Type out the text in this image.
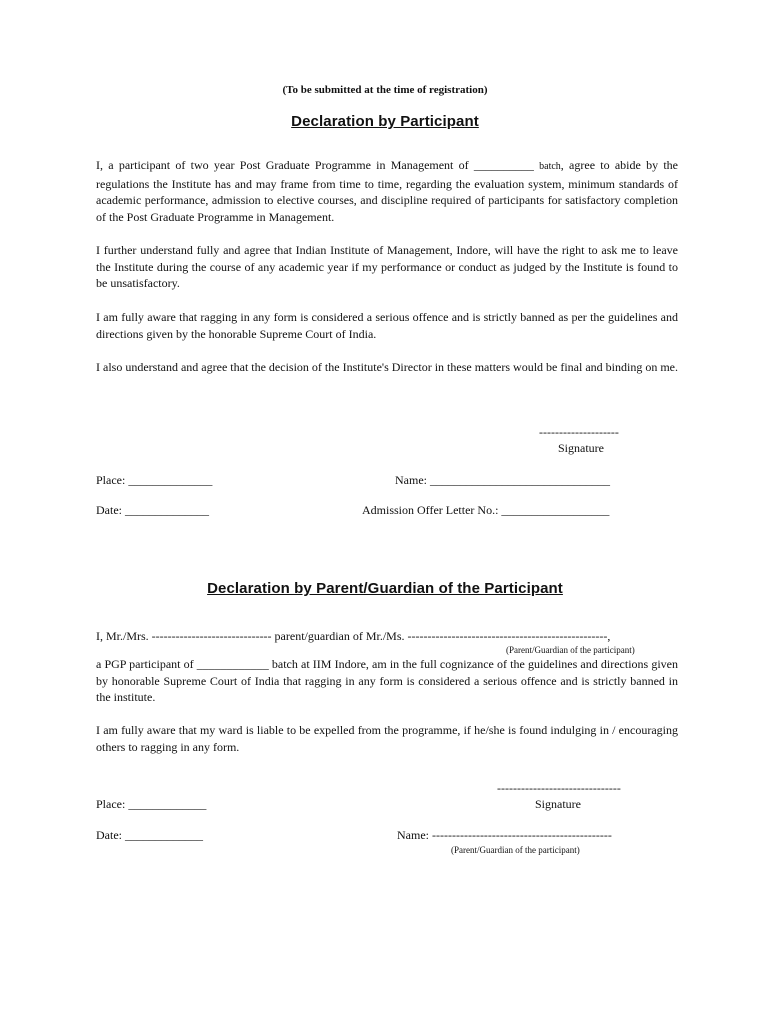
(To be submitted at the time of registration)
Declaration by Participant
I, a participant of two year Post Graduate Programme in Management of __________ batch, agree to abide by the regulations the Institute has and may frame from time to time, regarding the evaluation system, minimum standards of academic performance, admission to elective courses, and discipline required of participants for satisfactory completion of the Post Graduate Programme in Management.
I further understand fully and agree that Indian Institute of Management, Indore, will have the right to ask me to leave the Institute during the course of any academic year if my performance or conduct as judged by the Institute is found to be unsatisfactory.
I am fully aware that ragging in any form is considered a serious offence and is strictly banned as per the guidelines and directions given by the honorable Supreme Court of India.
I also understand and agree that the decision of the Institute's Director in these matters would be final and binding on me.
--------------------
Signature
Place: ______________	Name: ______________________________
Date: ______________	Admission Offer Letter No.: __________________
Declaration by Parent/Guardian of the Participant
I, Mr./Mrs. ------------------------------ parent/guardian of Mr./Ms. --------------------------------------------------,
(Parent/Guardian of the participant)
a PGP participant of ____________ batch at IIM Indore, am in the full cognizance of the guidelines and directions given by honorable Supreme Court of India that ragging in any form is considered a serious offence and is strictly banned in the institute.
I am fully aware that my ward is liable to be expelled from the programme, if he/she is found indulging in / encouraging others to ragging in any form.
-------------------------------
Signature
Place: _____________
Date: _____________	Name: ---------------------------------------------
(Parent/Guardian of the participant)
